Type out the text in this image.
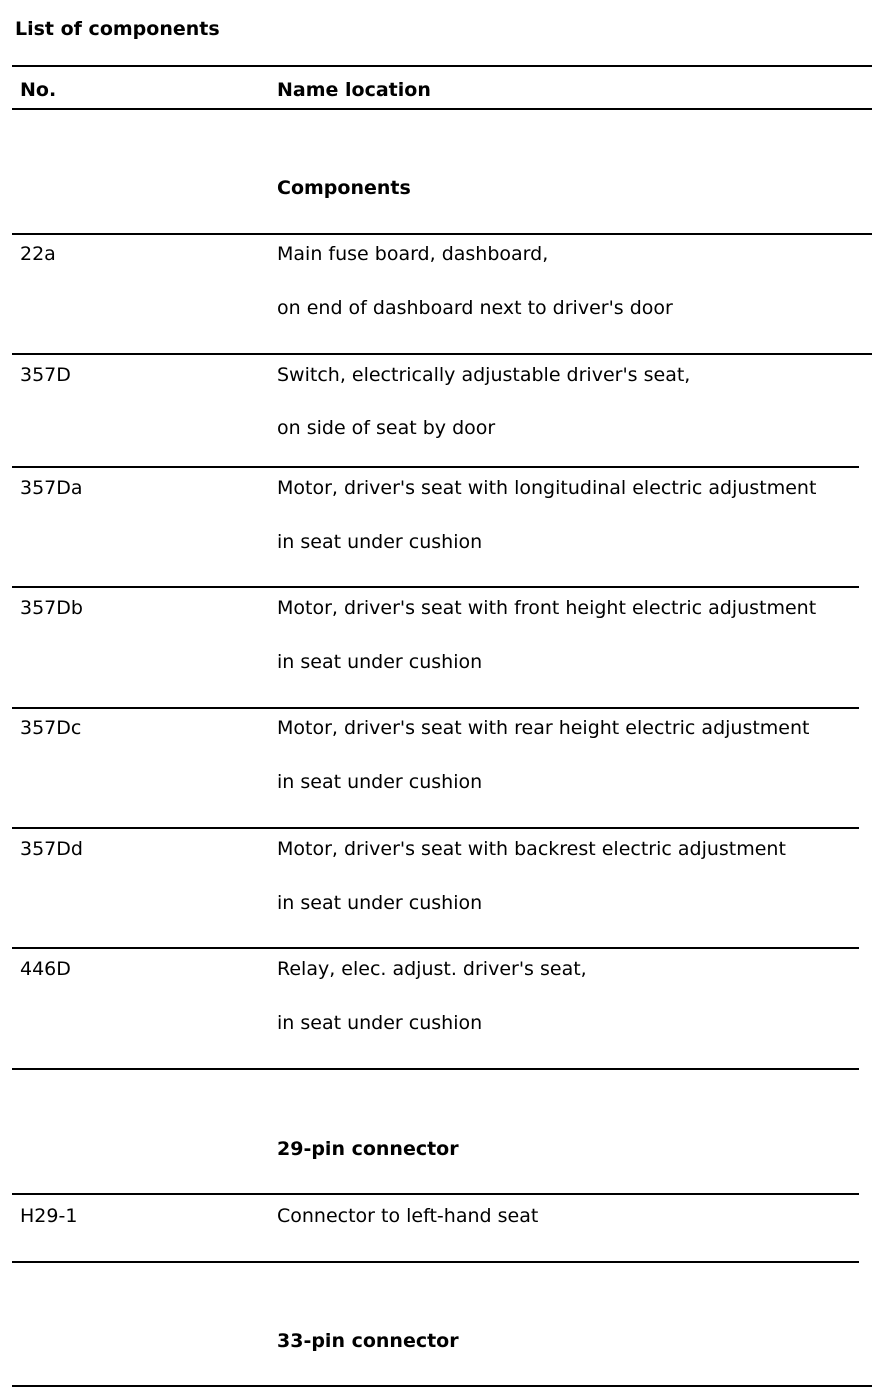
List of components
No.	Name location
Components
22a	Main fuse board, dashboard,
on end of dashboard next to driver's door
357D	Switch, electrically adjustable driver's seat,
on side of seat by door
357Da	Motor, driver's seat with longitudinal electric adjustment
in seat under cushion
357Db	Motor, driver's seat with front height electric adjustment
in seat under cushion
357Dc	Motor, driver's seat with rear height electric adjustment
in seat under cushion
357Dd	Motor, driver's seat with backrest electric adjustment
in seat under cushion
446D	Relay, elec. adjust. driver's seat,
in seat under cushion
29-pin connector
H29-1	Connector to left-hand seat
33-pin connector
